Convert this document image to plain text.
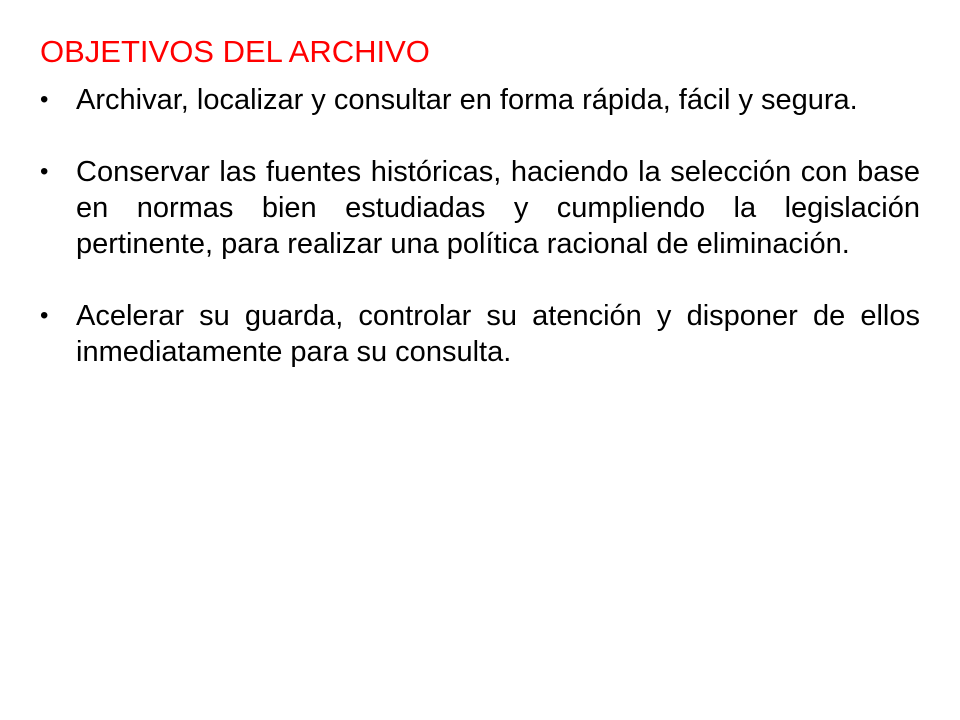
OBJETIVOS DEL ARCHIVO
• Archivar, localizar y consultar en forma rápida, fácil y segura.
• Conservar las fuentes históricas, haciendo la selección con base en normas bien estudiadas y cumpliendo la legislación pertinente, para realizar una política racional de eliminación.
• Acelerar su guarda, controlar su atención y disponer de ellos inmediatamente para su consulta.
